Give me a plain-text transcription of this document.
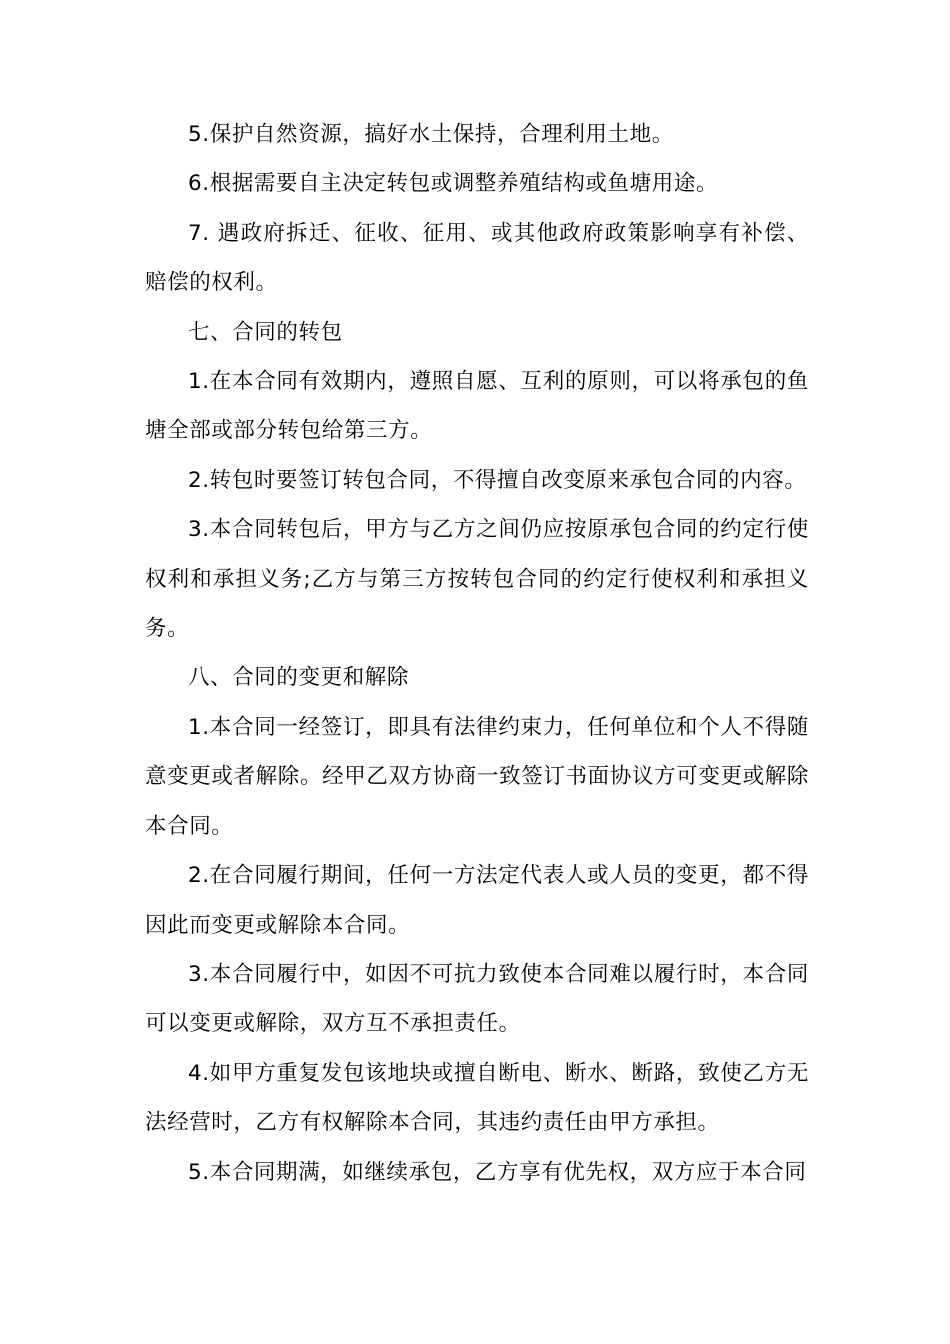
5.保护自然资源，搞好水土保持，合理利用土地。

6.根据需要自主决定转包或调整养殖结构或鱼塘用途。

7. 遇政府拆迁、征收、征用、或其他政府政策影响享有补偿、赔偿的权利。

七、合同的转包

1.在本合同有效期内，遵照自愿、互利的原则，可以将承包的鱼塘全部或部分转包给第三方。

2.转包时要签订转包合同，不得擅自改变原来承包合同的内容。

3.本合同转包后，甲方与乙方之间仍应按原承包合同的约定行使权利和承担义务;乙方与第三方按转包合同的约定行使权利和承担义务。

八、合同的变更和解除

1.本合同一经签订，即具有法律约束力，任何单位和个人不得随意变更或者解除。经甲乙双方协商一致签订书面协议方可变更或解除本合同。

2.在合同履行期间，任何一方法定代表人或人员的变更，都不得因此而变更或解除本合同。

3.本合同履行中，如因不可抗力致使本合同难以履行时，本合同可以变更或解除，双方互不承担责任。

4.如甲方重复发包该地块或擅自断电、断水、断路，致使乙方无法经营时，乙方有权解除本合同，其违约责任由甲方承担。

5.本合同期满，如继续承包，乙方享有优先权，双方应于本合同
